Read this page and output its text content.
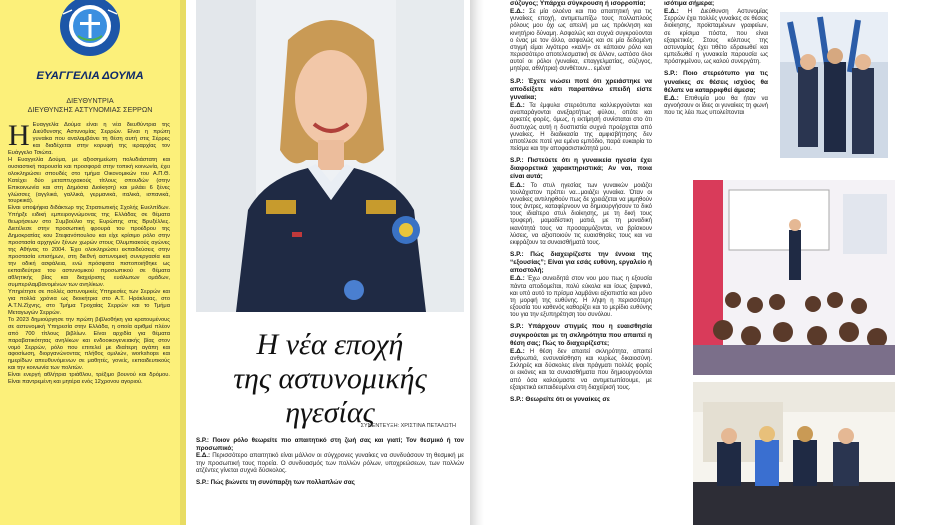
ΕΥΑΓΓΕΛΙΑ ΔΟΥΜΑ
ΔΙΕΥΘΥΝΤΡΙΑ
ΔΙΕΥΘΥΝΣΗΣ ΑΣΤΥΝΟΜΙΑΣ ΣΕΡΡΩΝ

Η Ευαγγελία Δούμα είναι η νέα διευθύντρια της Διεύθυνσης Αστυνομίας Σερρών. Είναι η πρώτη γυναίκα που αναλαμβάνει τη θέση αυτή στις Σέρρες και διαδέχεται στην κορυφή της ιεραρχίας τον Ευάγγελο Τσιώτα.

Η Ευαγγελία Δούμα, με αξιοσημείωτη πολυδιάστατη και ουσιαστική παρουσία και προσφορά στην τοπική κοινωνία, έχει ολοκληρώσει σπουδές στο τμήμα Οικονομικών του Α.Π.Θ. Κατέχει δύο μεταπτυχιακούς τίτλους σπουδών (στην Επικοινωνία και στη Δημόσια Διοίκηση) και μιλάει 6 ξένες γλώσσες (αγγλικά, γαλλικά, γερμανικά, ιταλικά, ισπανικά, τουρκικά).

Είναι υποψήφια διδάκτωρ της Στρατιωτικής Σχολής Ευελπίδων. Υπήρξε ειδική εμπειρογνώμονας της Ελλάδας σε θέματα θεωρήσεων στο Συμβούλιο της Ευρώπης στις Βρυξέλλες. Διετέλεσε στην προσωπική φρουρά του προέδρου της Δημοκρατίας κου Στεφανόπουλου και είχε κρίσιμο ρόλο στην προστασία αρχηγών ξένων χωρών στους Ολυμπιακούς αγώνες της Αθήνας το 2004. Έχει ολοκληρώσει εκπαιδεύσεις στην προστασία επισήμων, στη διεθνή αστυνομική συνεργασία και την οδική ασφάλεια, ενώ πρόσφατα πιστοποιήθηκε ως εκπαιδεύτρια του αστυνομικού προσωπικού σε θέματα αθλητικής βίας και διαχείρισης ευάλωτων ομάδων, συμπεριλαμβανομένων των ανηλίκων.

Υπηρέτησε σε πολλές αστυνομικές Υπηρεσίες των Σερρών και για πολλά χρόνια ως διοικήτρια στο Α.Τ. Ηράκλειας, στο Α.Τ.Ν.Ζίχνης, στο Τμήμα Τροχαίας Σερρών και το Τμήμα Μεταγωγών Σερρών.

Το 2023 δημιούργησε την πρώτη βιβλιοθήκη για κρατουμένους σε αστυνομική Υπηρεσία στην Ελλάδα, η οποία αριθμεί πλέον από 700 τίτλους βιβλίων. Είναι αρχιδία για θέματα παραβατικότητας ανηλίκων και ενδοοικογενειακής βίας στον νομό Σερρών, ρόλο που επιτελεί με ιδιαίτερη αγάπη και αφοσίωση, διοργανώνοντας πλήθος ομιλιών, workshops και ημερίδων απευθυνόμενων σε μαθητές, γονείς, εκπαιδευτικούς και την κοινωνία των πολιτών.

Είναι ενεργή αθλήτρια τριάθλου, τρέξιμο βουνού και δρόμου. Είναι παντρεμένη και μητέρα ενός 12χρονου αγοριού.

Η νέα εποχή
της αστυνομικής
ηγεσίας
ΣΥΝΕΝΤΕΥΞΗ: ΧΡΙΣΤΙΝΑ ΠΕΤΑΛΩΤΗ

S.P.: Ποιον ρόλο θεωρείτε πιο απαιτητικό στη ζωή σας και γιατί; Τον θεσμικό ή τον προσωπικό;

Ε.Δ.: Περισσότερο απαιτητικό είναι μάλλον οι σύγχρονες γυναίκες να συνδυάσουν τη θεσμική με την προσωπική τους πορεία. Ο συνδυασμός των πολλών ρόλων, υποχρεώσεων, των πολλών ατζέντες γίνεται συχνά δύσκολος.

S.P.: Πώς βιώνετε τη συνύπαρξη των πολλαπλών σας

σύζυγος; Υπάρχει σύγκρουση ή ισορροπία;
Ε.Δ.: Σε μία ολοένα και πιο απαιτητική για τις γυναίκες εποχή, αντιμετωπίζω τους πολλαπλούς ρόλους μου όχι ως απειλή μα ως πρόκληση και κινητήριο δύναμη. Ασφαλώς και συχνά συγκρούονται ο ένας με τον άλλο, ασφαλώς και σε μία δεδομένη στιγμή είμαι λιγότερο «καλή» σε κάποιον ρόλο και περισσότερο αποτελεσματική σε άλλον, ωστόσο όλοι αυτοί οι ρόλοι (γυναίκα, επαγγελματίας, σύζυγος, μητέρα, αθλήτρια) συνθέτουν... εμένα!

S.P.: Έχετε νιώσει ποτέ ότι χρειάστηκε να αποδείξετε κάτι παραπάνω επειδή είστε γυναίκα;
Ε.Δ.: Τα έμφυλα στερεότυπα καλλιεργούνται και αναπαράγονται ανεξαρτήτως φύλου, οπότε και αρκετές φορές, όμως, η εκτίμησή συνίσταται στο ότι δυστυχώς αυτή η δυσπιστία συχνά προέρχεται από γυναίκες. Η διαδικασία της αμφισβήτησης δεν αποτέλεσε ποτέ για εμένα εμπόδιο, παρά ευκαιρία το πείσμα και την αποφασιστικότητά μου.

S.P.: Πιστεύετε ότι η γυναικεία ηγεσία έχει διαφορετικά χαρακτηριστικά; Αν ναι, ποια είναι αυτά;
Ε.Δ.: Το στυλ ηγεσίας των γυναικών μοιάζει τουλάχιστον πρέπει να...μοιάζει γυναίκα. Όταν οι γυναίκες αντιληφθούν πως δε χρειάζεται να μιμηθούν τους άντρες, καταφέρνουν να δημιουργήσουν το δικό τους ιδιαίτερο στυλ διοίκησης, με τη δική τους τρυφερή, μαμαδίστικη ματιά, με τη μοναδική ικανότητά τους να προσαρμόζονται, να βρίσκουν λύσεις, να αξιοποιούν τις ευαισθησίες τους και να εκφράζουν τα συναισθήματά τους.

S.P.: Πώς διαχειρίζεστε την έννοια της “εξουσίας”; Είναι για εσάς ευθύνη, εργαλείο ή αποστολή;
Ε.Δ.: Έχω συνειδητά στον νου μου πως η εξουσία πάντα αποδομείται, πολύ εύκολα και ίσως ξαφνικά, και υπό αυτό το πρίσμα λαμβάνει αξιοπιστία και μόνο τη μορφή της ευθύνης. Η λήψη η περισσότερη εξουσία του καθενός καθορίζει και το μερίδιο ευθύνης του για την εξυπηρέτηση του συνόλου.

S.P.: Υπάρχουν στιγμές που η ευαισθησία συγκρούεται με τη σκληρότητα που απαιτεί η θέση σας; Πώς το διαχειρίζεστε;
Ε.Δ.: Η θέση δεν απαιτεί σκληρότητα, απαιτεί ανθρωπιά, ενσυναίσθηση και κυρίως δικαιοσύνη. Σκληρές και δύσκολες είναι πράγματι πολλές φορές οι εικόνες και τα συναισθήματα που δημιουργούνται από όσα καλούμαστε να αντιμετωπίσουμε, με εξαιρετικά εκπαιδευμένοι στη διαχείρισή τους.

S.P.: Θεωρείτε ότι οι γυναίκες σε

ισότιμα σήμερα;
Ε.Δ.: Η Διεύθυνση Αστυνομίας Σερρών έχει πολλές γυναίκες σε θέσεις διοίκησης, προϊσταμένων γραφείων, σε κρίσιμα πόστα, που είναι εξαιρετικές. Στους κόλπους της αστυνομίας έχει τιθέτο εδραιωθεί και εμπεδωθεί η γυναικεία παρουσία ως πρόσηκμένου, ως καλού συνεργάτη.

S.P.: Ποιο στερεότυπο για τις γυναίκες σε θέσεις ισχύος θα θέλατε να καταρριφθεί άμεσα;
Ε.Δ.: Επιθυμία μου θα ήταν να αγνοήσουν οι ίδιες οι γυναίκες τη φωνή που τις λέει πως υπολείπονται
